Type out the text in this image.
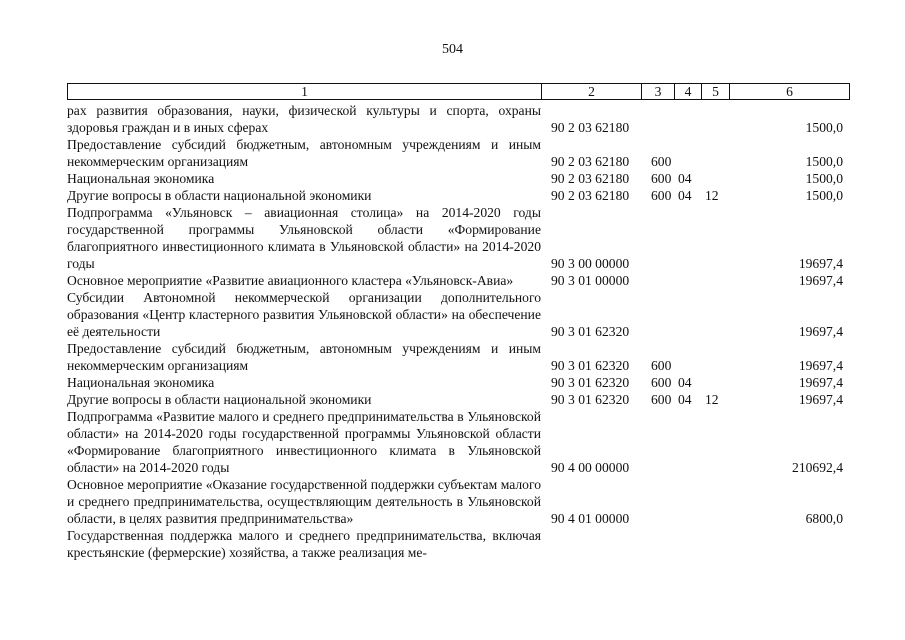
504
1	2	3	4	5	6
рах развития образования, науки, физической культуры и спорта, охраны здоровья граждан и в иных сферах	90 2 03 62180				1500,0
Предоставление субсидий бюджетным, автономным учреждениям и иным некоммерческим организациям	90 2 03 62180	600			1500,0
Национальная экономика	90 2 03 62180	600	04		1500,0
Другие вопросы в области национальной экономики	90 2 03 62180	600	04	12	1500,0
Подпрограмма «Ульяновск – авиационная столица» на 2014-2020 годы государственной программы Ульяновской области «Формирование благоприятного инвестиционного климата в Ульяновской области» на 2014-2020 годы	90 3 00 00000				19697,4
Основное мероприятие «Развитие авиационного кластера «Ульяновск-Авиа»	90 3 01 00000				19697,4
Субсидии Автономной некоммерческой организации дополнительного образования «Центр кластерного развития Ульяновской области» на обеспечение её деятельности	90 3 01 62320				19697,4
Предоставление субсидий бюджетным, автономным учреждениям и иным некоммерческим организациям	90 3 01 62320	600			19697,4
Национальная экономика	90 3 01 62320	600	04		19697,4
Другие вопросы в области национальной экономики	90 3 01 62320	600	04	12	19697,4
Подпрограмма «Развитие малого и среднего предпринимательства в Ульяновской области» на 2014-2020 годы государственной программы Ульяновской области «Формирование благоприятного инвестиционного климата в Ульяновской области» на 2014-2020 годы	90 4 00 00000				210692,4
Основное мероприятие «Оказание государственной поддержки субъектам малого и среднего предпринимательства, осуществляющим деятельность в Ульяновской области, в целях развития предпринимательства»	90 4 01 00000				6800,0
Государственная поддержка малого и среднего предпринимательства, включая крестьянские (фермерские) хозяйства, а также реализация ме-					
